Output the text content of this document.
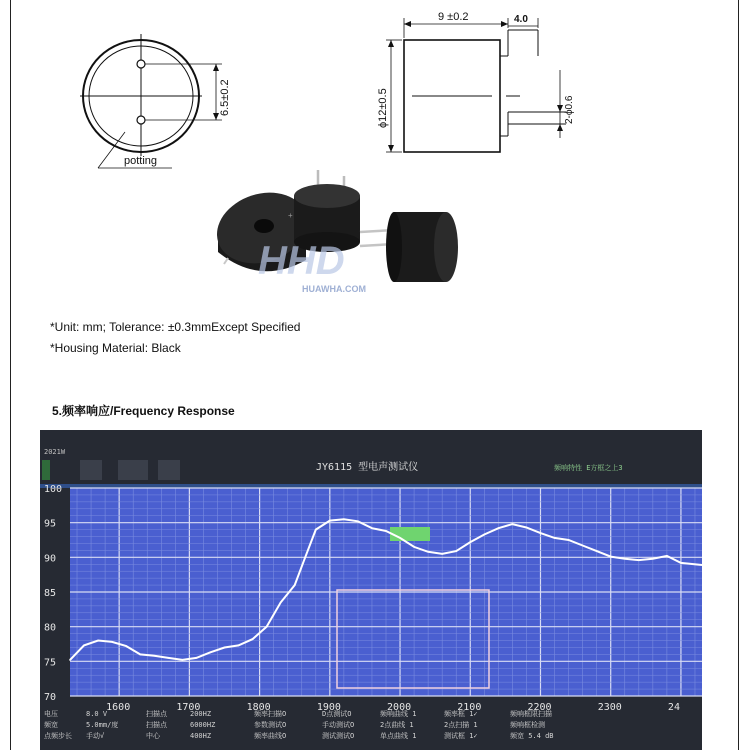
potting
6.5±0.2
9 ±0.2	4.0
ϕ12±0.5	2-ϕ0.6
+
HHD
HUAWHA.COM
*Unit: mm; Tolerance: ±0.3mmExcept Specified
*Housing Material: Black
5.频率响应/Frequency Response
2021W
JY6115 型电声测试仪	频响特性 E方框之上3
100
95
90
85
80
75
70
1600	1700	1800	1900	2000	2100	2200	2300	24
电压	8.0 V	扫描点	200HZ	频率扫描O	D点测试O	频响曲线 1	频率框 1✓	频响框限扫描
频宽	5.0mm/度	扫描点	6000HZ	参数测试O	手动测试O	2点曲线 1	2点扫描 1	频响框检测
点频步长 手动√	中心	400HZ	频率曲线O	测试测试O	单点曲线 1	测试框 1✓	频宽 5.4 dB
